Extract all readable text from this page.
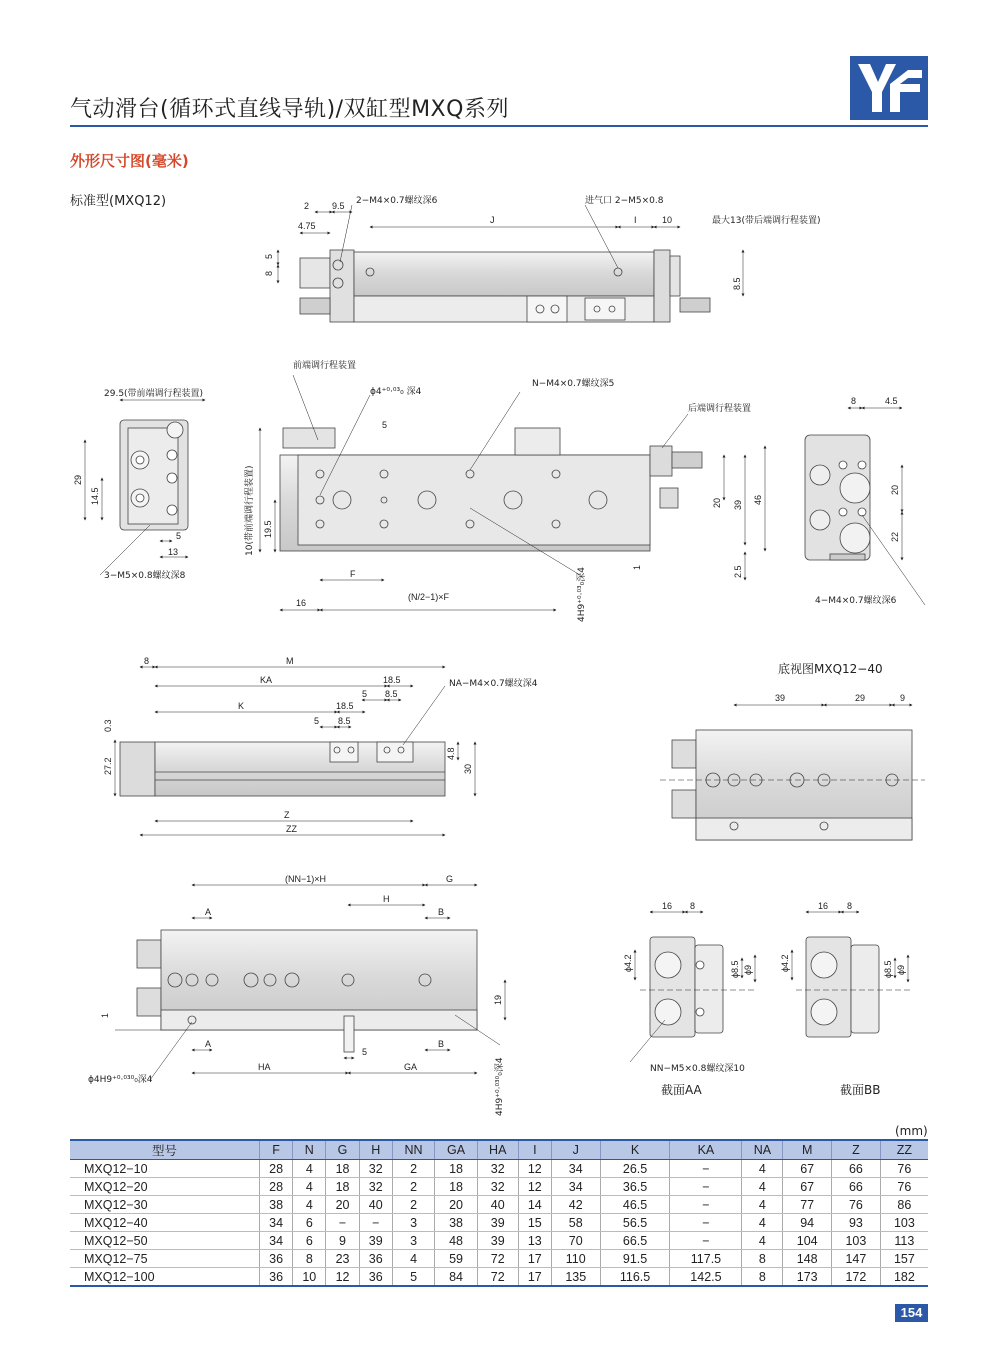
气动滑台(循环式直线导轨)/双缸型MXQ系列
外形尺寸图(毫米)
标准型(MXQ12)	2	9.5
4.75
8
5
J	I	10
8.5
2−M4×0.7螺纹深6	进气口 2−M5×0.8
最大13(带后端调行程装置)
29.5(带前端调行程装置)
29
14.5
5
13
3−M5×0.8螺纹深8
前端调行程装置
ϕ4⁺⁰·⁰³₀ 深4
N−M4×0.7螺纹深5
后端调行程装置
10(带前端调行程装置)
5
19.5
F
16
(N/2−1)×F
20 39 46
1	2.5
4H9⁺⁰·⁰³₀深4
8	4.5
20
22
4−M4×0.7螺纹深6
8	M
KA	18.5
5 8.5
K	18.5
5 8.5
0.3
27.2
4.8
30
Z
ZZ
NA−M4×0.7螺纹深4
底视图MXQ12−40
39	29	9
(NN−1)×H	G
H
A	B
A	B
5
HA	GA
19
1
ϕ4H9⁺⁰·⁰³⁰₀深4	4H9⁺⁰·⁰³⁰₀深4
16 8
ϕ4.2	ϕ8.5 ϕ9
NN−M5×0.8螺纹深10
截面AA
16 8
ϕ4.2	ϕ8.5 ϕ9
截面BB
(mm)
型号	F	N	G	H	NN	GA	HA	I	J	K	KA	NA	M	Z	ZZ
MXQ12−10	28	4	18	32	2	18	32	12	34	26.5	−	4	67	66	76
MXQ12−20	28	4	18	32	2	18	32	12	34	36.5	−	4	67	66	76
MXQ12−30	38	4	20	40	2	20	40	14	42	46.5	−	4	77	76	86
MXQ12−40	34	6	−	−	3	38	39	15	58	56.5	−	4	94	93	103
MXQ12−50	34	6	9	39	3	48	39	13	70	66.5	−	4	104	103	113
MXQ12−75	36	8	23	36	4	59	72	17	110	91.5	117.5	8	148	147	157
MXQ12−100	36	10	12	36	5	84	72	17	135	116.5	142.5	8	173	172	182
154
